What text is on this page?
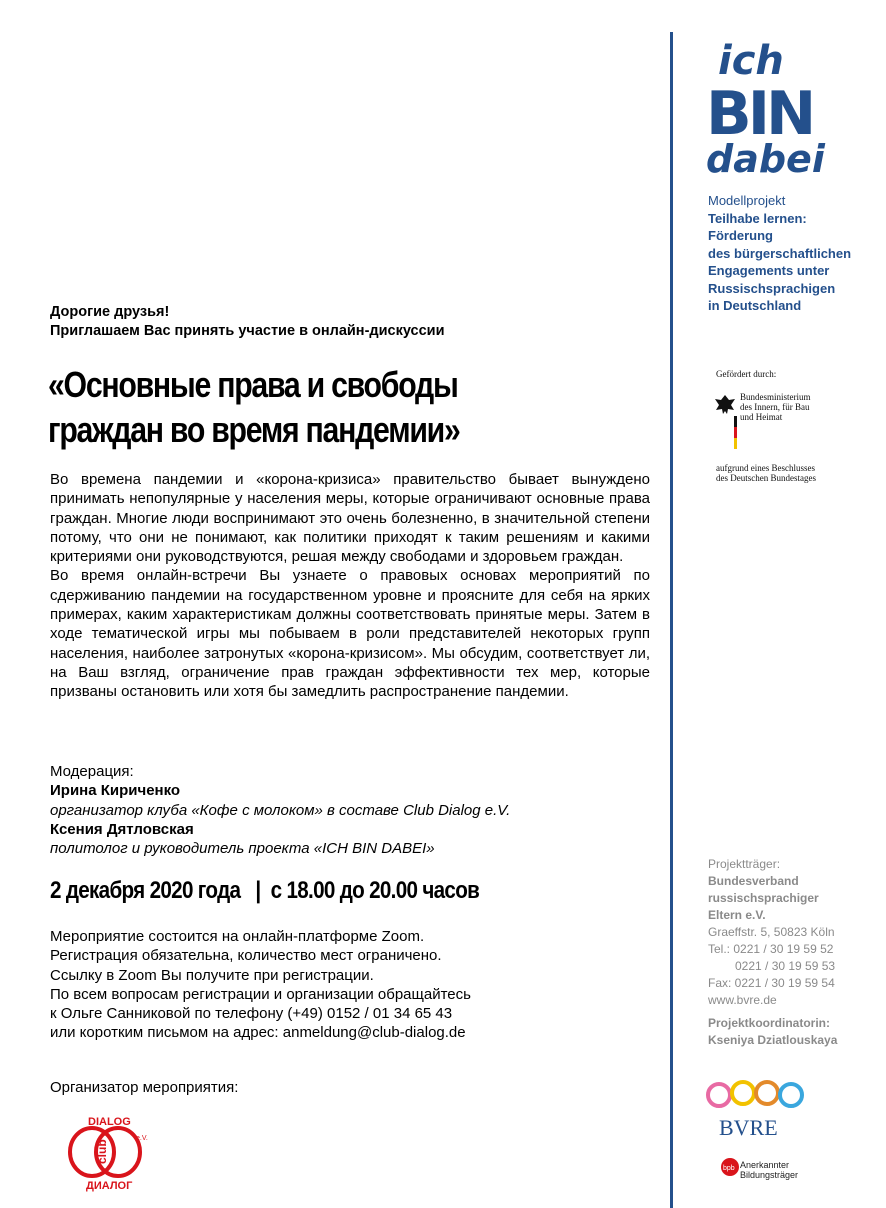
Дорогие друзья!
Приглашаем Вас принять участие в онлайн-дискуссии
«Основные права и свободы
граждан во время пандемии»

Во времена пандемии и «корона-кризиса» правительство бывает вынуждено принимать непопулярные у населения меры, которые ограничивают основные права граждан. Многие люди воспринимают это очень болезненно, в значительной степени потому, что они не понимают, как политики приходят к таким решениям и какими критериями они руководствуются, решая между свободами и здоровьем граждан.

Во время онлайн-встречи Вы узнаете о правовых основах мероприятий по сдерживанию пандемии на государственном уровне и проясните для себя на ярких примерах, каким характеристикам должны соответствовать принятые меры. Затем в ходе тематической игры мы побываем в роли представителей некоторых групп населения, наиболее затронутых «корона-кризисом». Мы обсудим, соответствует ли, на Ваш взгляд, ограничение прав граждан эффективности тех мер, которые призваны остановить или хотя бы замедлить распространение пандемии.

Модерация:
Ирина Кириченко
организатор клуба «Кофе с молоком» в составе Club Dialog e.V.
Ксения Дятловская
политолог и руководитель проекта «ICH BIN DABEI»
2 декабря 2020 года   |  с 18.00 до 20.00 часов
Мероприятие состоится на онлайн-платформе Zoom.
Регистрация обязательна, количество мест ограничено.
Ссылку в Zoom Вы получите при регистрации.
По всем вопросам регистрации и организации обращайтесь
к Ольге Санниковой по телефону (+49) 0152 / 01 34 65 43
или коротким письмом на адрес: anmeldung@club-dialog.de
Организатор мероприятия:
DIALOG
e.V.
club
ДИАЛОГ
ich
BIN
dabei
Modellprojekt
Teilhabe lernen:
Förderung
des bürgerschaftlichen
Engagements unter
Russischsprachigen
in Deutschland
Gefördert durch:
Bundesministerium
des Innern, für Bau
und Heimat
aufgrund eines Beschlusses
des Deutschen Bundestages
Projektträger:
Bundesverband
russischsprachiger
Eltern e.V.
Graeffstr. 5, 50823 Köln
Tel.: 0221 / 30 19 59 52
0221 / 30 19 59 53
Fax: 0221 / 30 19 59 54
www.bvre.de
Projektkoordinatorin:
Kseniya Dziatlouskaya
BVRE
bpb Anerkannter
Bildungsträger
